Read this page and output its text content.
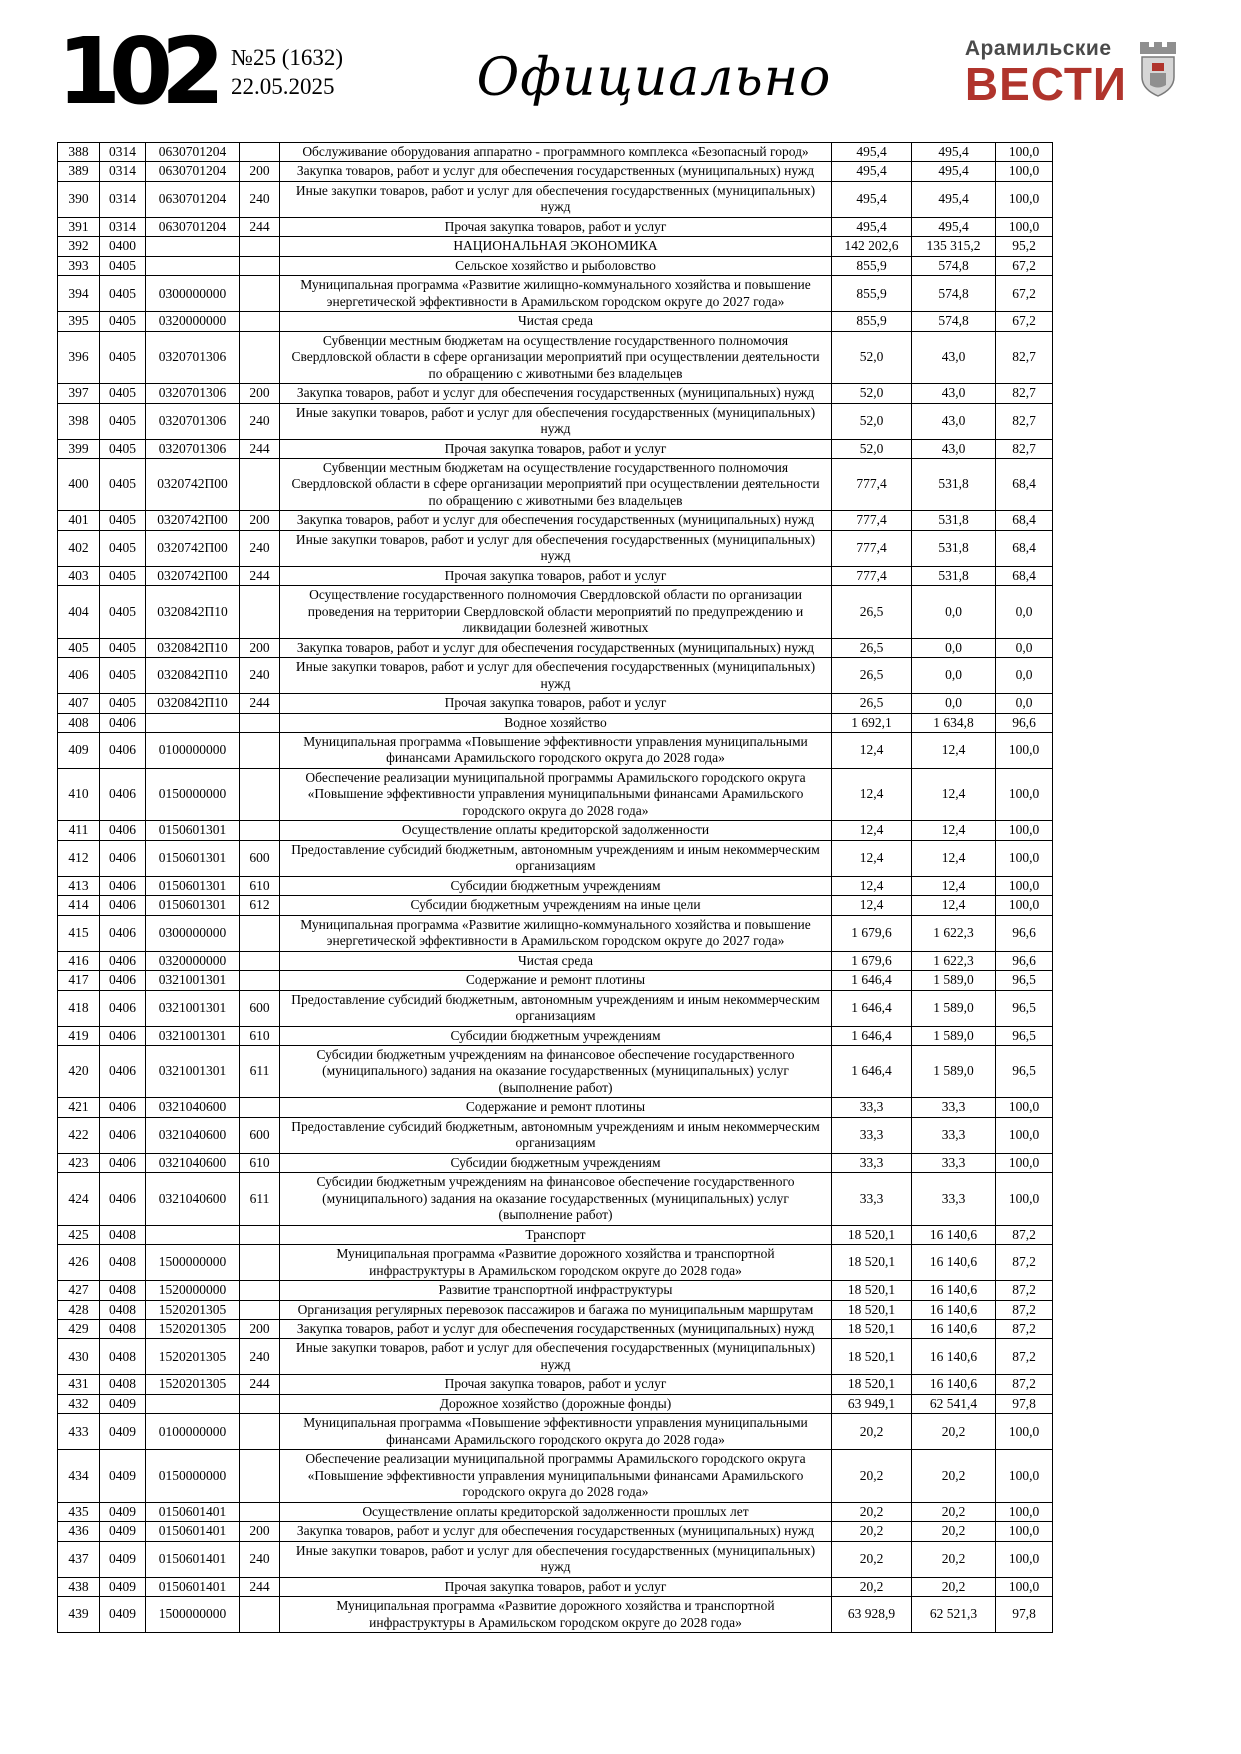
102 №25 (1632)
22.05.2025	Официально	Арамильские
ВЕСТИ
388	0314	0630701204		Обслуживание оборудования аппаратно - программного комплекса «Безопасный город»	495,4	495,4	100,0
389	0314	0630701204	200	Закупка товаров, работ и услуг для обеспечения государственных (муниципальных) нужд	495,4	495,4	100,0
390	0314	0630701204	240	Иные закупки товаров, работ и услуг для обеспечения государственных (муниципальных) нужд	495,4	495,4	100,0
391	0314	0630701204	244	Прочая закупка товаров, работ и услуг	495,4	495,4	100,0
392	0400			НАЦИОНАЛЬНАЯ ЭКОНОМИКА	142 202,6	135 315,2	95,2
393	0405			Сельское хозяйство и рыболовство	855,9	574,8	67,2
394	0405	0300000000		Муниципальная программа «Развитие жилищно-коммунального хозяйства и повышение энергетической эффективности в Арамильском городском округе до 2027 года»	855,9	574,8	67,2
395	0405	0320000000		Чистая среда	855,9	574,8	67,2
396	0405	0320701306		Субвенции местным бюджетам на осуществление государственного полномочия Свердловской области в сфере организации мероприятий при осуществлении деятельности по обращению с животными без владельцев	52,0	43,0	82,7
397	0405	0320701306	200	Закупка товаров, работ и услуг для обеспечения государственных (муниципальных) нужд	52,0	43,0	82,7
398	0405	0320701306	240	Иные закупки товаров, работ и услуг для обеспечения государственных (муниципальных) нужд	52,0	43,0	82,7
399	0405	0320701306	244	Прочая закупка товаров, работ и услуг	52,0	43,0	82,7
400	0405	0320742П00		Субвенции местным бюджетам на осуществление государственного полномочия Свердловской области в сфере организации мероприятий при осуществлении деятельности по обращению с животными без владельцев	777,4	531,8	68,4
401	0405	0320742П00	200	Закупка товаров, работ и услуг для обеспечения государственных (муниципальных) нужд	777,4	531,8	68,4
402	0405	0320742П00	240	Иные закупки товаров, работ и услуг для обеспечения государственных (муниципальных) нужд	777,4	531,8	68,4
403	0405	0320742П00	244	Прочая закупка товаров, работ и услуг	777,4	531,8	68,4
404	0405	0320842П10		Осуществление государственного полномочия Свердловской области по организации проведения на территории Свердловской области мероприятий по предупреждению и ликвидации болезней животных	26,5	0,0	0,0
405	0405	0320842П10	200	Закупка товаров, работ и услуг для обеспечения государственных (муниципальных) нужд	26,5	0,0	0,0
406	0405	0320842П10	240	Иные закупки товаров, работ и услуг для обеспечения государственных (муниципальных) нужд	26,5	0,0	0,0
407	0405	0320842П10	244	Прочая закупка товаров, работ и услуг	26,5	0,0	0,0
408	0406			Водное хозяйство	1 692,1	1 634,8	96,6
409	0406	0100000000		Муниципальная программа «Повышение эффективности управления муниципальными финансами Арамильского городского округа до 2028 года»	12,4	12,4	100,0
410	0406	0150000000		Обеспечение реализации муниципальной программы Арамильского городского округа «Повышение эффективности управления муниципальными финансами Арамильского городского округа до 2028 года»	12,4	12,4	100,0
411	0406	0150601301		Осуществление оплаты кредиторской задолженности	12,4	12,4	100,0
412	0406	0150601301	600	Предоставление субсидий бюджетным, автономным учреждениям и иным некоммерческим организациям	12,4	12,4	100,0
413	0406	0150601301	610	Субсидии бюджетным учреждениям	12,4	12,4	100,0
414	0406	0150601301	612	Субсидии бюджетным учреждениям на иные цели	12,4	12,4	100,0
415	0406	0300000000		Муниципальная программа «Развитие жилищно-коммунального хозяйства и повышение энергетической эффективности в Арамильском городском округе до 2027 года»	1 679,6	1 622,3	96,6
416	0406	0320000000		Чистая среда	1 679,6	1 622,3	96,6
417	0406	0321001301		Содержание и ремонт плотины	1 646,4	1 589,0	96,5
418	0406	0321001301	600	Предоставление субсидий бюджетным, автономным учреждениям и иным некоммерческим организациям	1 646,4	1 589,0	96,5
419	0406	0321001301	610	Субсидии бюджетным учреждениям	1 646,4	1 589,0	96,5
420	0406	0321001301	611	Субсидии бюджетным учреждениям на финансовое обеспечение государственного (муниципального) задания на оказание государственных (муниципальных) услуг (выполнение работ)	1 646,4	1 589,0	96,5
421	0406	0321040600		Содержание и ремонт плотины	33,3	33,3	100,0
422	0406	0321040600	600	Предоставление субсидий бюджетным, автономным учреждениям и иным некоммерческим организациям	33,3	33,3	100,0
423	0406	0321040600	610	Субсидии бюджетным учреждениям	33,3	33,3	100,0
424	0406	0321040600	611	Субсидии бюджетным учреждениям на финансовое обеспечение государственного (муниципального) задания на оказание государственных (муниципальных) услуг (выполнение работ)	33,3	33,3	100,0
425	0408			Транспорт	18 520,1	16 140,6	87,2
426	0408	1500000000		Муниципальная программа «Развитие дорожного хозяйства и транспортной инфраструктуры в Арамильском городском округе до 2028 года»	18 520,1	16 140,6	87,2
427	0408	1520000000		Развитие транспортной инфраструктуры	18 520,1	16 140,6	87,2
428	0408	1520201305		Организация регулярных перевозок пассажиров и багажа по муниципальным маршрутам	18 520,1	16 140,6	87,2
429	0408	1520201305	200	Закупка товаров, работ и услуг для обеспечения государственных (муниципальных) нужд	18 520,1	16 140,6	87,2
430	0408	1520201305	240	Иные закупки товаров, работ и услуг для обеспечения государственных (муниципальных) нужд	18 520,1	16 140,6	87,2
431	0408	1520201305	244	Прочая закупка товаров, работ и услуг	18 520,1	16 140,6	87,2
432	0409			Дорожное хозяйство (дорожные фонды)	63 949,1	62 541,4	97,8
433	0409	0100000000		Муниципальная программа «Повышение эффективности управления муниципальными финансами Арамильского городского округа до 2028 года»	20,2	20,2	100,0
434	0409	0150000000		Обеспечение реализации муниципальной программы Арамильского городского округа «Повышение эффективности управления муниципальными финансами Арамильского городского округа до 2028 года»	20,2	20,2	100,0
435	0409	0150601401		Осуществление оплаты кредиторской задолженности прошлых лет	20,2	20,2	100,0
436	0409	0150601401	200	Закупка товаров, работ и услуг для обеспечения государственных (муниципальных) нужд	20,2	20,2	100,0
437	0409	0150601401	240	Иные закупки товаров, работ и услуг для обеспечения государственных (муниципальных) нужд	20,2	20,2	100,0
438	0409	0150601401	244	Прочая закупка товаров, работ и услуг	20,2	20,2	100,0
439	0409	1500000000		Муниципальная программа «Развитие дорожного хозяйства и транспортной инфраструктуры в Арамильском городском округе до 2028 года»	63 928,9	62 521,3	97,8
